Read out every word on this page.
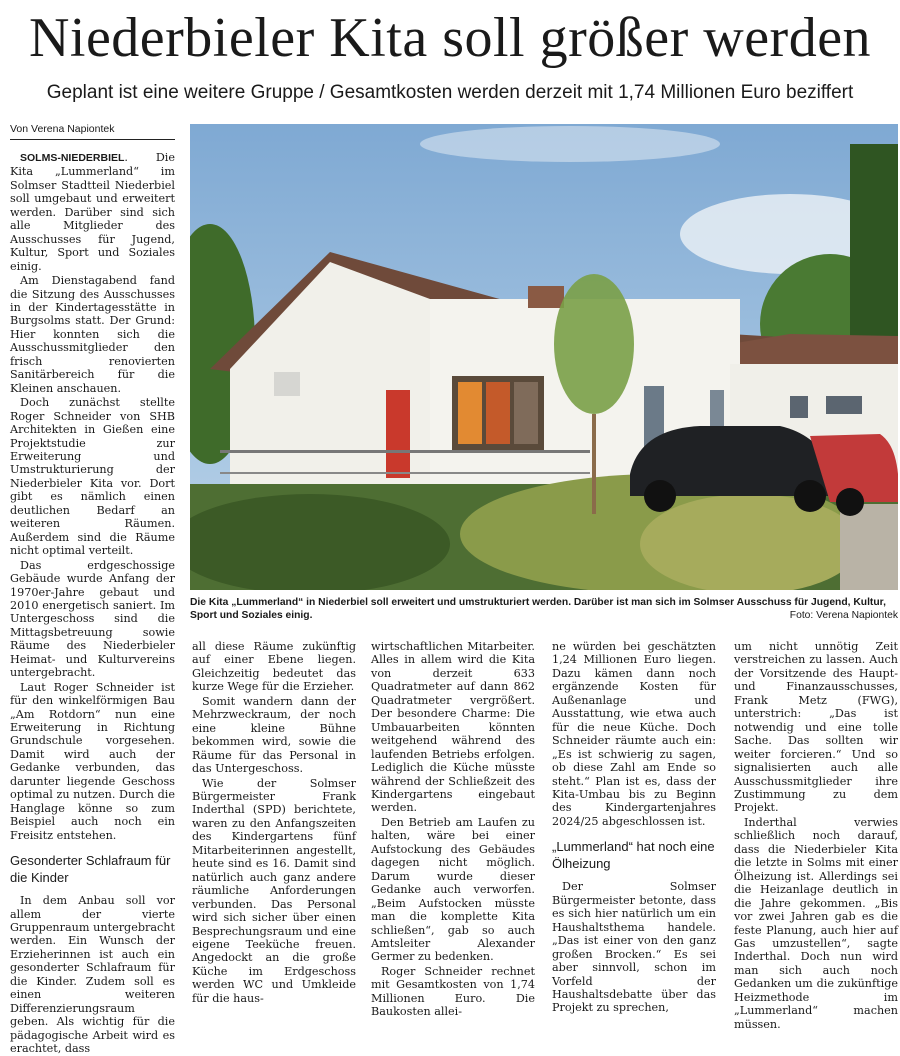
Niederbieler Kita soll größer werden
Geplant ist eine weitere Gruppe / Gesamtkosten werden derzeit mit 1,74 Millionen Euro beziffert
Von Verena Napiontek

SOLMS-NIEDERBIEL. Die Kita „Lummerland“ im Solmser Stadtteil Niederbiel soll umgebaut und erweitert werden. Darüber sind sich alle Mitglieder des Ausschusses für Jugend, Kultur, Sport und Soziales einig.

Am Dienstagabend fand die Sitzung des Ausschusses in der Kindertagesstätte in Burgsolms statt. Der Grund: Hier konnten sich die Ausschussmitglieder den frisch renovierten Sanitärbereich für die Kleinen anschauen.

Doch zunächst stellte Roger Schneider von SHB Architekten in Gießen eine Projektstudie zur Erweiterung und Umstrukturierung der Niederbieler Kita vor. Dort gibt es nämlich einen deutlichen Bedarf an weiteren Räumen. Außerdem sind die Räume nicht optimal verteilt.

Das erdgeschossige Gebäude wurde Anfang der 1970er-Jahre gebaut und 2010 energetisch saniert. Im Untergeschoss sind die Mittagsbetreuung sowie Räume des Niederbieler Heimat- und Kulturvereins untergebracht.

Laut Roger Schneider ist für den winkelförmigen Bau „Am Rotdorn“ nun eine Erweiterung in Richtung Grundschule vorgesehen. Damit wird auch der Gedanke verbunden, das darunter liegende Geschoss optimal zu nutzen. Durch die Hanglage könne so zum Beispiel auch noch ein Freisitz entstehen.

Gesonderter Schlafraum für die Kinder

In dem Anbau soll vor allem der vierte Gruppenraum untergebracht werden. Ein Wunsch der Erzieherinnen ist auch ein gesonderter Schlafraum für die Kinder. Zudem soll es einen weiteren Differenzierungsraum geben. Als wichtig für die pädagogische Arbeit wird es erachtet, dass

Die Kita „Lummerland“ in Niederbiel soll erweitert und umstrukturiert werden. Darüber ist man sich im Solmser Ausschuss für Jugend, Kultur, Sport und Soziales einig.	Foto: Verena Napiontek

all diese Räume zukünftig auf einer Ebene liegen. Gleichzeitig bedeutet das kurze Wege für die Erzieher.

Somit wandern dann der Mehrzweckraum, der noch eine kleine Bühne bekommen wird, sowie die Räume für das Personal in das Untergeschoss.

Wie der Solmser Bürgermeister Frank Inderthal (SPD) berichtete, waren zu den Anfangszeiten des Kindergartens fünf Mitarbeiterinnen angestellt, heute sind es 16. Damit sind natürlich auch ganz andere räumliche Anforderungen verbunden. Das Personal wird sich sicher über einen Besprechungsraum und eine eigene Teeküche freuen. Angedockt an die große Küche im Erdgeschoss werden WC und Umkleide für die haus-

wirtschaftlichen Mitarbeiter. Alles in allem wird die Kita von derzeit 633 Quadratmeter auf dann 862 Quadratmeter vergrößert. Der besondere Charme: Die Umbauarbeiten könnten weitgehend während des laufenden Betriebs erfolgen. Lediglich die Küche müsste während der Schließzeit des Kindergartens eingebaut werden.

Den Betrieb am Laufen zu halten, wäre bei einer Aufstockung des Gebäudes dagegen nicht möglich. Darum wurde dieser Gedanke auch verworfen. „Beim Aufstocken müsste man die komplette Kita schließen“, gab so auch Amtsleiter Alexander Germer zu bedenken.

Roger Schneider rechnet mit Gesamtkosten von 1,74 Millionen Euro. Die Baukosten allei-

ne würden bei geschätzten 1,24 Millionen Euro liegen. Dazu kämen dann noch ergänzende Kosten für Außenanlage und Ausstattung, wie etwa auch für die neue Küche. Doch Schneider räumte auch ein: „Es ist schwierig zu sagen, ob diese Zahl am Ende so steht.“ Plan ist es, dass der Kita-Umbau bis zu Beginn des Kindergartenjahres 2024/25 abgeschlossen ist.

„Lummerland“ hat noch eine Ölheizung

Der Solmser Bürgermeister betonte, dass es sich hier natürlich um ein Haushaltsthema handele. „Das ist einer von den ganz großen Brocken.“ Es sei aber sinnvoll, schon im Vorfeld der Haushaltsdebatte über das Projekt zu sprechen,

um nicht unnötig Zeit verstreichen zu lassen. Auch der Vorsitzende des Haupt- und Finanzausschusses, Frank Metz (FWG), unterstrich: „Das ist notwendig und eine tolle Sache. Das sollten wir weiter forcieren.“ Und so signalisierten auch alle Ausschussmitglieder ihre Zustimmung zu dem Projekt.

Inderthal verwies schließlich noch darauf, dass die Niederbieler Kita die letzte in Solms mit einer Ölheizung ist. Allerdings sei die Heizanlage deutlich in die Jahre gekommen. „Bis vor zwei Jahren gab es die feste Planung, auch hier auf Gas umzustellen“, sagte Inderthal. Doch nun wird man sich auch noch Gedanken um die zukünftige Heizmethode im „Lummerland“ machen müssen.
